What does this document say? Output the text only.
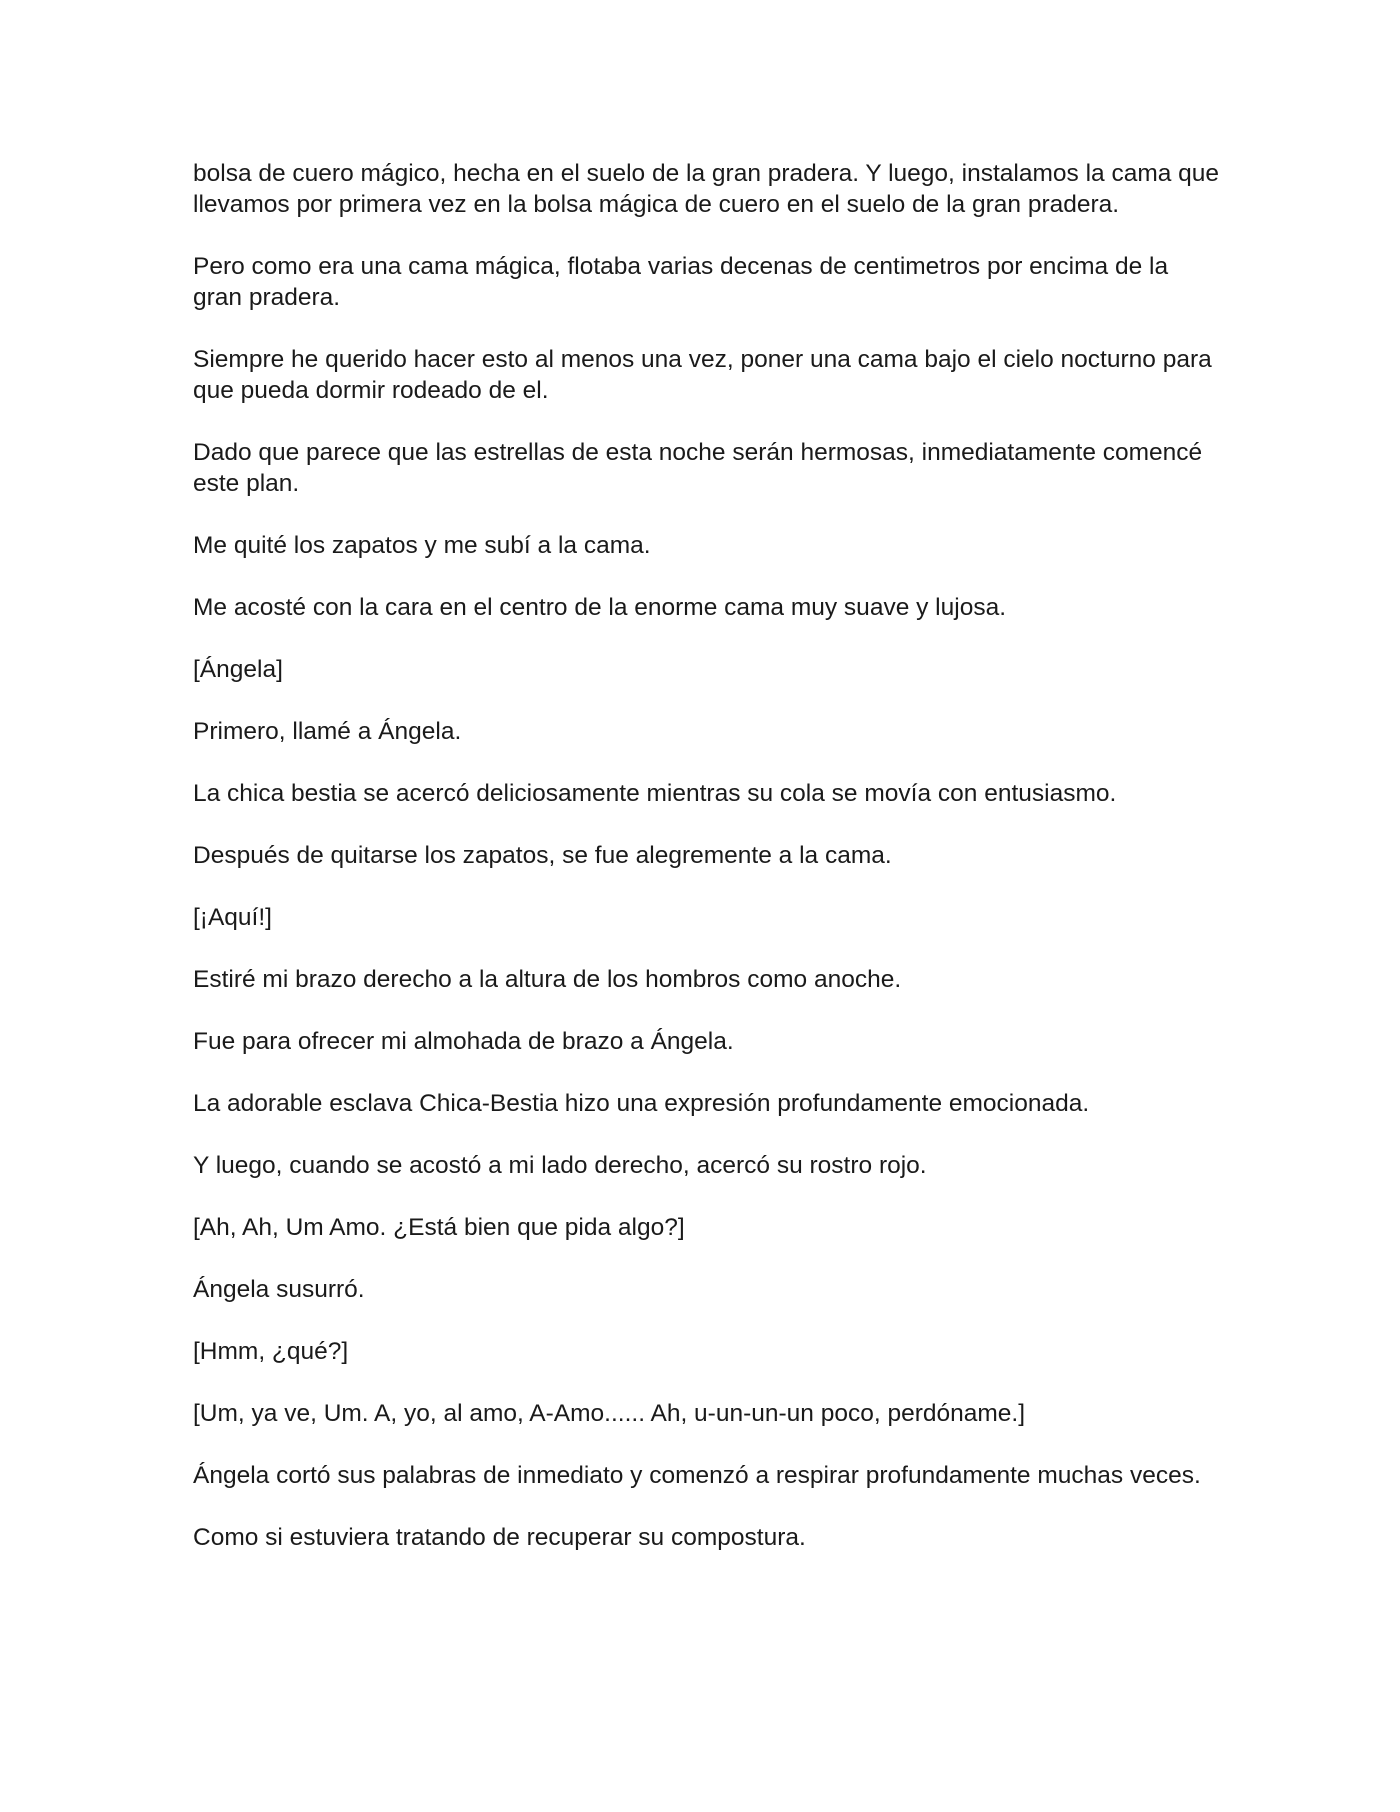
bolsa de cuero mágico, hecha en el suelo de la gran pradera. Y luego, instalamos la cama que llevamos por primera vez en la bolsa mágica de cuero en el suelo de la gran pradera.

Pero como era una cama mágica, flotaba varias decenas de centimetros por encima de la gran pradera.

Siempre he querido hacer esto al menos una vez, poner una cama bajo el cielo nocturno para que pueda dormir rodeado de el.

Dado que parece que las estrellas de esta noche serán hermosas, inmediatamente comencé este plan.

Me quité los zapatos y me subí a la cama.

Me acosté con la cara en el centro de la enorme cama muy suave y lujosa.

[Ángela]

Primero, llamé a Ángela.

La chica bestia se acercó deliciosamente mientras su cola se movía con entusiasmo.

Después de quitarse los zapatos, se fue alegremente a la cama.

[¡Aquí!]

Estiré mi brazo derecho a la altura de los hombros como anoche.

Fue para ofrecer mi almohada de brazo a Ángela.

La adorable esclava Chica-Bestia hizo una expresión profundamente emocionada.

Y luego, cuando se acostó a mi lado derecho, acercó su rostro rojo.

[Ah, Ah, Um Amo. ¿Está bien que pida algo?]

Ángela susurró.

[Hmm, ¿qué?]

[Um, ya ve, Um. A, yo, al amo, A-Amo...... Ah, u-un-un-un poco, perdóname.]

Ángela cortó sus palabras de inmediato y comenzó a respirar profundamente muchas veces.

Como si estuviera tratando de recuperar su compostura.
